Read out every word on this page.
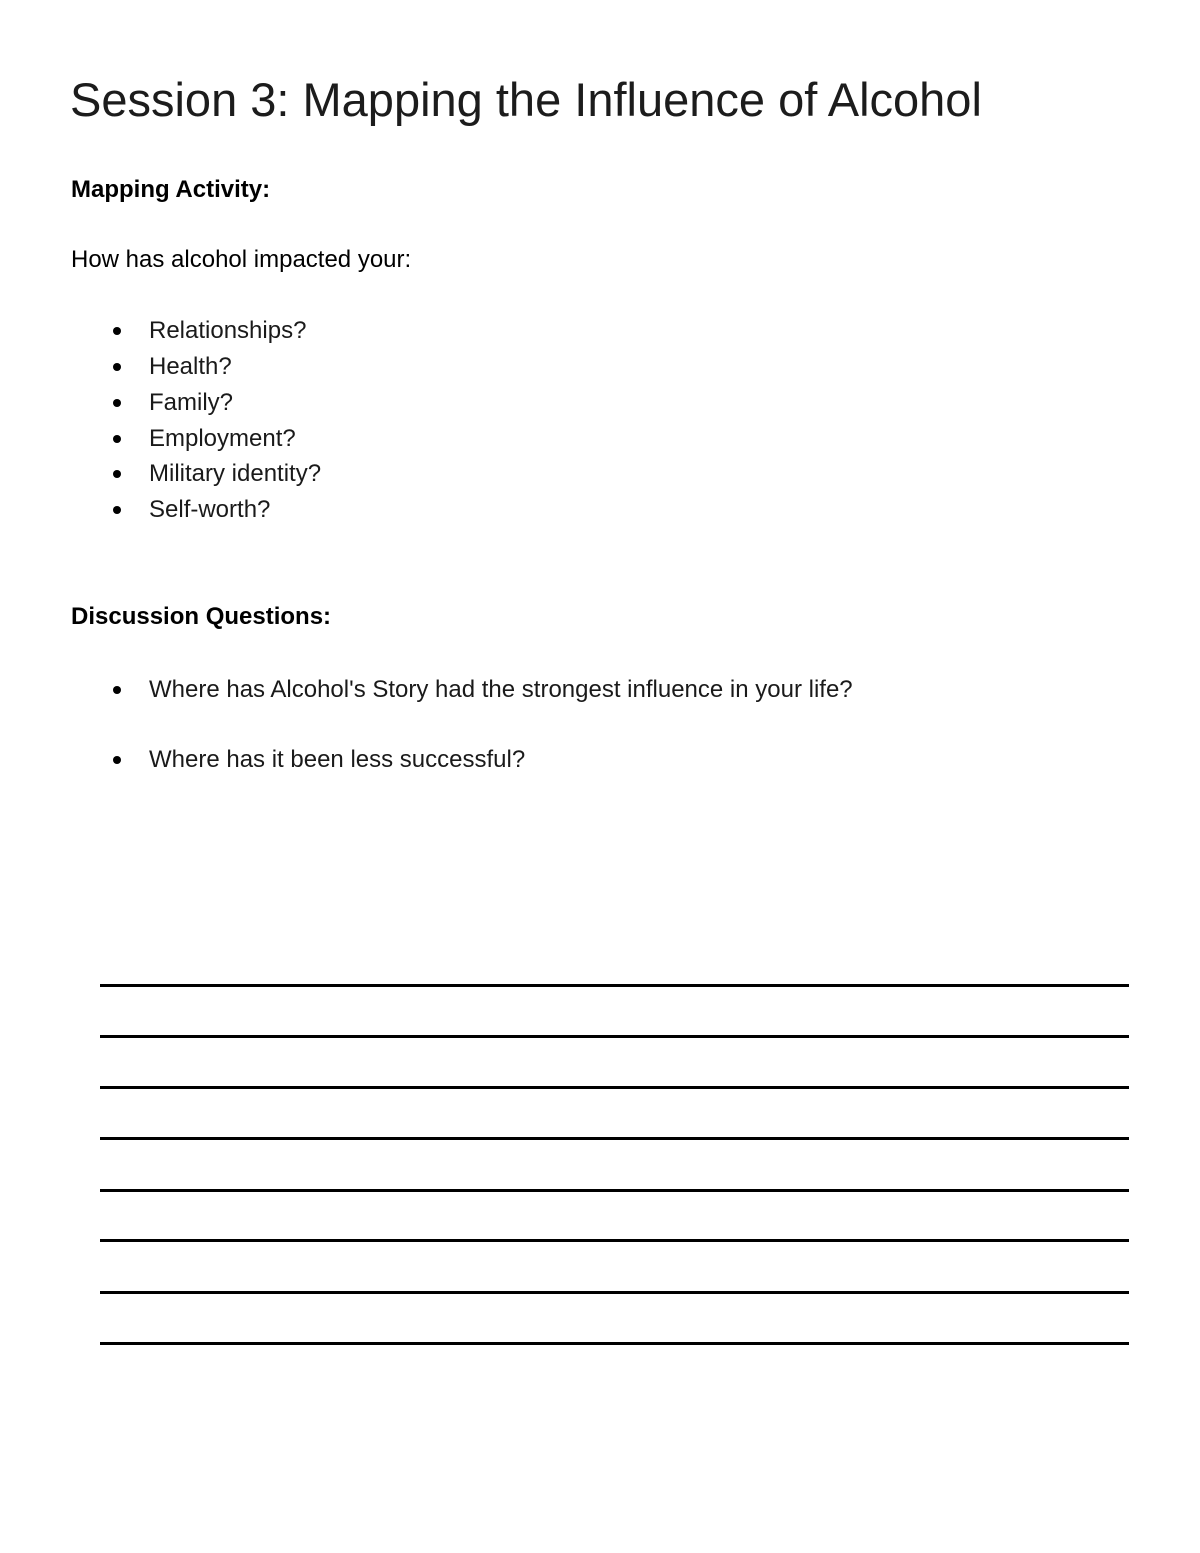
Session 3: Mapping the Influence of Alcohol
Mapping Activity:

How has alcohol impacted your:

Relationships?
Health?
Family?
Employment?
Military identity?
Self-worth?
Discussion Questions:
Where has Alcohol's Story had the strongest influence in your life?
Where has it been less successful?
